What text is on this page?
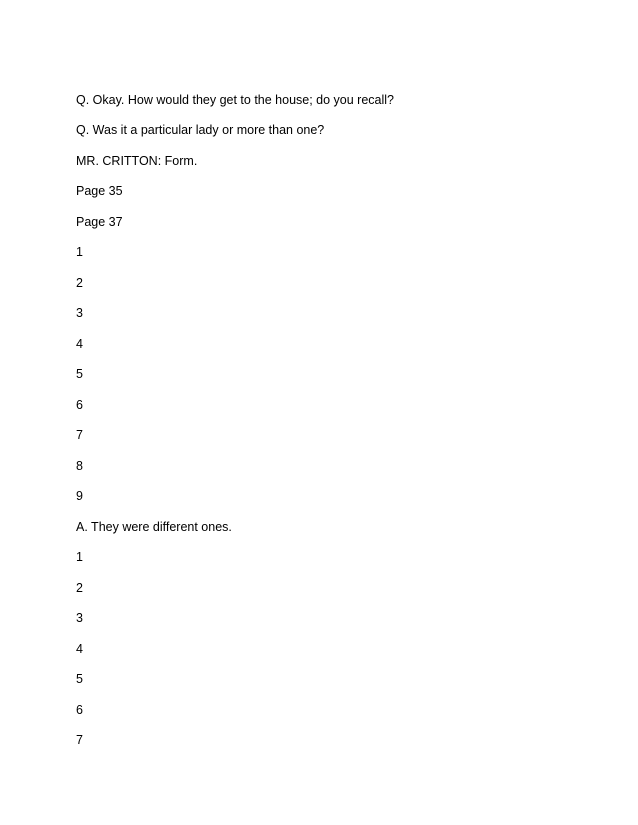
Q. Okay. How would they get to the house; do you recall?

Q. Was it a particular lady or more than one?

MR. CRITTON: Form.

Page 35

Page 37

1

2

3

4

5

6

7

8

9

A. They were different ones.

1

2

3

4

5

6

7
